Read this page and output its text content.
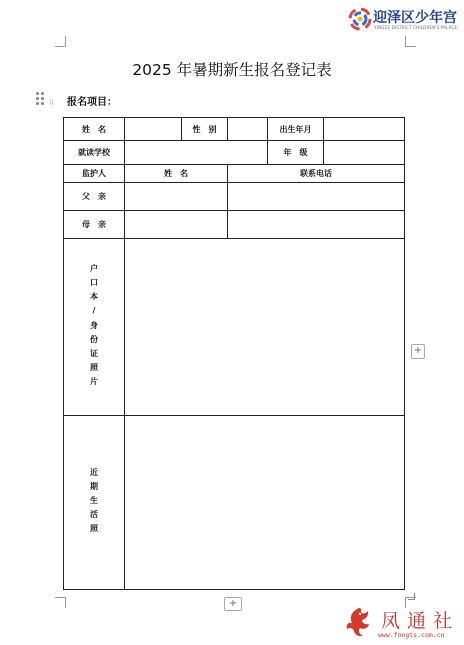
迎泽区少年宫
YINGZE DISTRICT CHILDREN'S PALACE
2025 年暑期新生报名登记表
⁝⁝ 报名项目：
姓　名		性　别		出生年月	
就读学校				年　级	
监护人	姓　名		联系电话		
父　亲					
母　亲					

户口本/身份证照片					

近期生活照					

+
+
凤通社
www.fongts.com.cn
